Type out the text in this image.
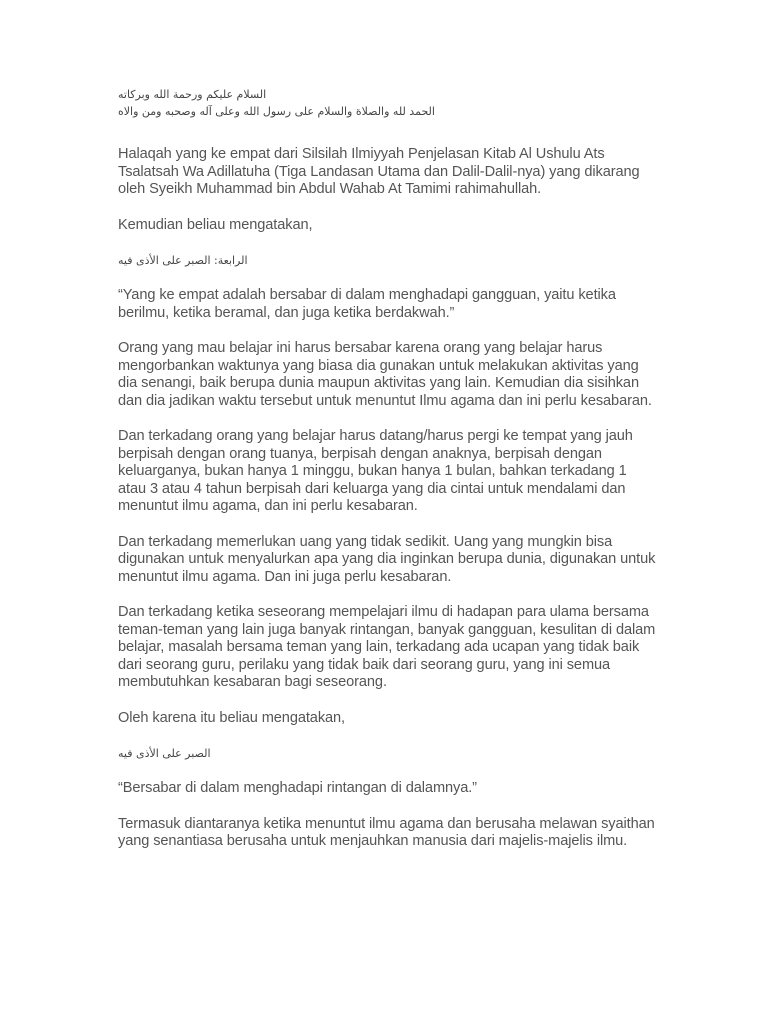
السلام عليكم ورحمة الله وبركاته
الحمد لله والصلاة والسلام على رسول الله وعلى آله وصحبه ومن والاه

Halaqah yang ke empat dari Silsilah Ilmiyyah Penjelasan Kitab Al Ushulu Ats Tsalatsah Wa Adillatuha (Tiga Landasan Utama dan Dalil-Dalil-nya) yang dikarang oleh Syeikh Muhammad bin Abdul Wahab At Tamimi rahimahullah.

Kemudian beliau mengatakan,

الرابعة: الصبر على الأذى فيه

“Yang ke empat adalah bersabar di dalam menghadapi gangguan, yaitu ketika berilmu, ketika beramal, dan juga ketika berdakwah.”

Orang yang mau belajar ini harus bersabar karena orang yang belajar harus mengorbankan waktunya yang biasa dia gunakan untuk melakukan aktivitas yang dia senangi, baik berupa dunia maupun aktivitas yang lain. Kemudian dia sisihkan dan dia jadikan waktu tersebut untuk menuntut Ilmu agama dan ini perlu kesabaran.

Dan terkadang orang yang belajar harus datang/harus pergi ke tempat yang jauh berpisah dengan orang tuanya, berpisah dengan anaknya, berpisah dengan keluarganya, bukan hanya 1 minggu, bukan hanya 1 bulan, bahkan terkadang 1 atau 3 atau 4 tahun berpisah dari keluarga yang dia cintai untuk mendalami dan menuntut ilmu agama, dan ini perlu kesabaran.

Dan terkadang memerlukan uang yang tidak sedikit. Uang yang mungkin bisa digunakan untuk menyalurkan apa yang dia inginkan berupa dunia, digunakan untuk menuntut ilmu agama. Dan ini juga perlu kesabaran.

Dan terkadang ketika seseorang mempelajari ilmu di hadapan para ulama bersama teman-teman yang lain juga banyak rintangan, banyak gangguan, kesulitan di dalam belajar, masalah bersama teman yang lain, terkadang ada ucapan yang tidak baik dari seorang guru, perilaku yang tidak baik dari seorang guru, yang ini semua membutuhkan kesabaran bagi seseorang.

Oleh karena itu beliau mengatakan,

الصبر على الأذى فيه

“Bersabar di dalam menghadapi rintangan di dalamnya.”

Termasuk diantaranya ketika menuntut ilmu agama dan berusaha melawan syaithan yang senantiasa berusaha untuk menjauhkan manusia dari majelis-majelis ilmu.
